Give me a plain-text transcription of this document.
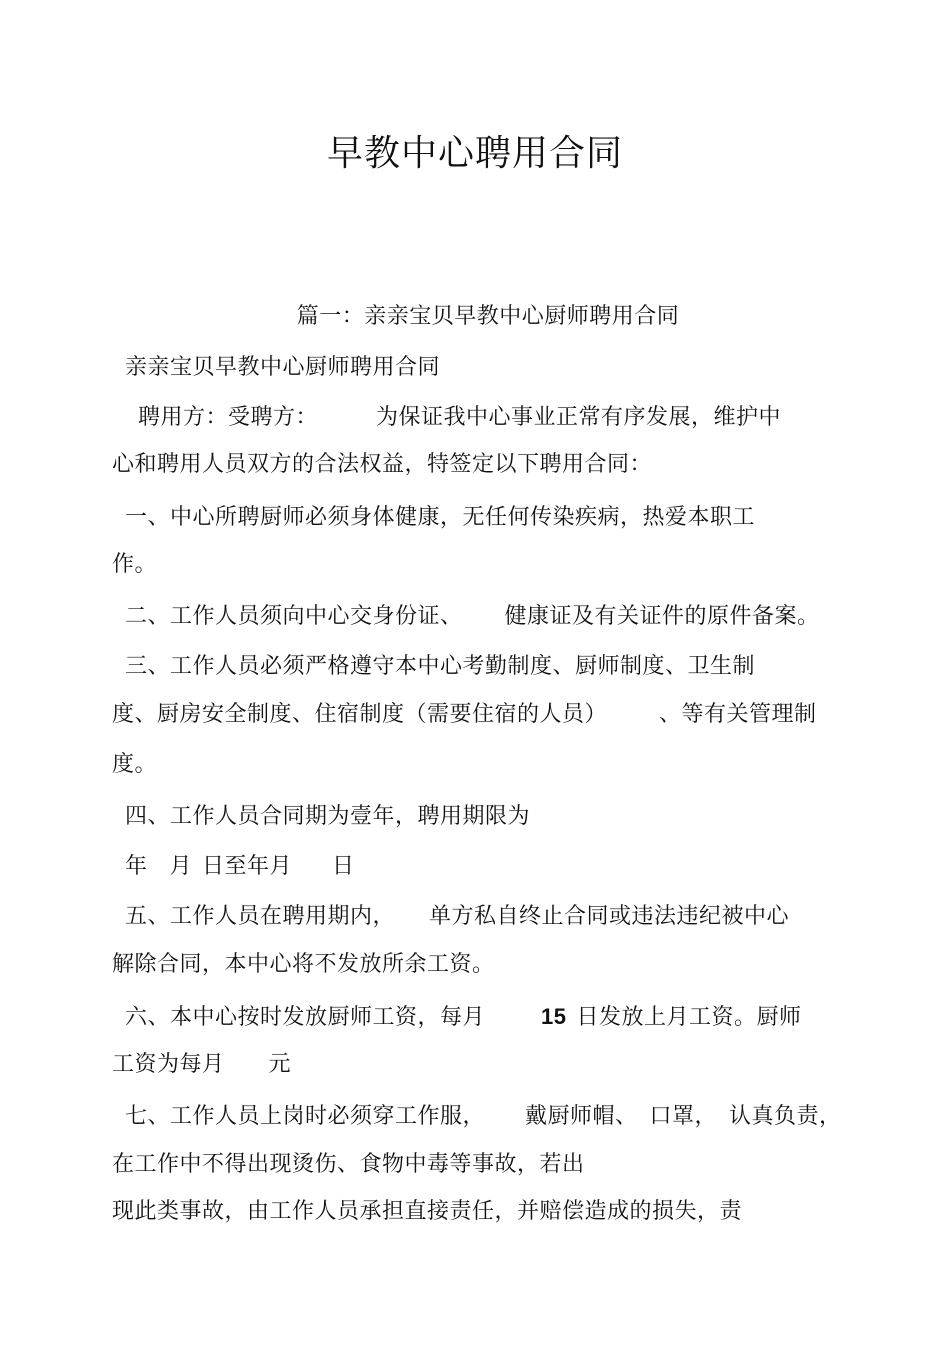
早教中心聘用合同
篇一：亲亲宝贝早教中心厨师聘用合同
亲亲宝贝早教中心厨师聘用合同
聘用方：受聘方：	为保证我中心事业正常有序发展，维护中
心和聘用人员双方的合法权益，特签定以下聘用合同：
一、中心所聘厨师必须身体健康，无任何传染疾病，热爱本职工
作。
二、工作人员须向中心交身份证、 健康证及有关证件的原件备案。
三、工作人员必须严格遵守本中心考勤制度、厨师制度、卫生制
度、厨房安全制度、住宿制度（需要住宿的人员） 、等有关管理制
度。
四、工作人员合同期为壹年，聘用期限为
年 月 日至年月 日
五、工作人员在聘用期内， 单方私自终止合同或违法违纪被中心
解除合同，本中心将不发放所余工资。
六、本中心按时发放厨师工资，每月	15 日发放上月工资。厨师
工资为每月 元
七、工作人员上岗时必须穿工作服， 戴厨师帽、 口罩， 认真负责，
在工作中不得出现烫伤、食物中毒等事故，若出
现此类事故，由工作人员承担直接责任，并赔偿造成的损失，责
